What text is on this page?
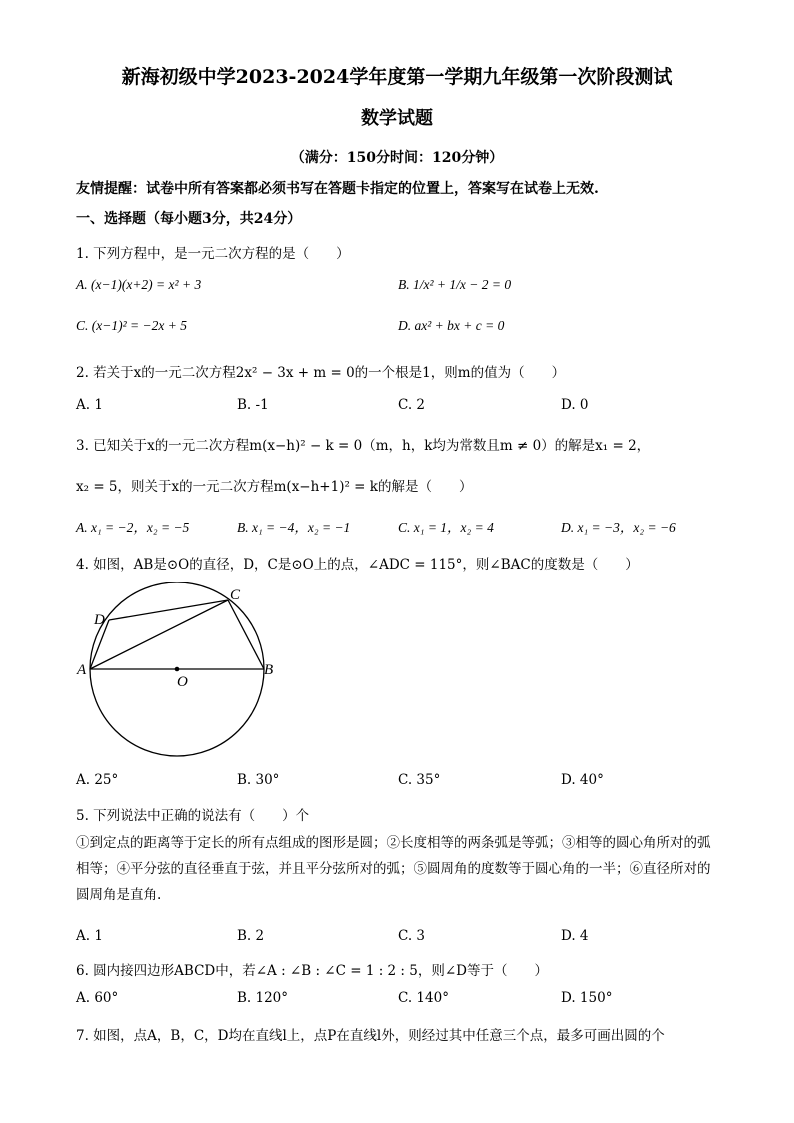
新海初级中学2023-2024学年度第一学期九年级第一次阶段测试
数学试题
（满分：150分时间：120分钟）
友情提醒：试卷中所有答案都必须书写在答题卡指定的位置上，答案写在试卷上无效.
一、选择题（每小题3分，共24分）
1. 下列方程中，是一元二次方程的是（　　）
A. (x−1)(x+2) = x² + 3	B. 1/x² + 1/x − 2 = 0
C. (x−1)² = −2x + 5	D. ax² + bx + c = 0
2. 若关于x的一元二次方程2x² − 3x + m = 0的一个根是1，则m的值为（　　）
A. 1	B. -1	C. 2	D. 0
3. 已知关于x的一元二次方程m(x−h)² − k = 0（m，h，k均为常数且m ≠ 0）的解是x₁ = 2，
x₂ = 5，则关于x的一元二次方程m(x−h+1)² = k的解是（　　）
A. x₁ = −2，x₂ = −5	B. x₁ = −4，x₂ = −1	C. x₁ = 1，x₂ = 4	D. x₁ = −3，x₂ = −6
4. 如图，AB是⊙O的直径，D，C是⊙O上的点，∠ADC = 115°，则∠BAC的度数是（　　）
A	B
C
D
O
A. 25°	B. 30°	C. 35°	D. 40°
5. 下列说法中正确的说法有（　　）个
①到定点的距离等于定长的所有点组成的图形是圆；②长度相等的两条弧是等弧；③相等的圆心角所对的弧相等；④平分弦的直径垂直于弦，并且平分弦所对的弧；⑤圆周角的度数等于圆心角的一半；⑥直径所对的圆周角是直角.
A. 1	B. 2	C. 3	D. 4
6. 圆内接四边形ABCD中，若∠A : ∠B : ∠C = 1 : 2 : 5，则∠D等于（　　）
A. 60°	B. 120°	C. 140°	D. 150°
7. 如图，点A，B，C，D均在直线l上，点P在直线l外，则经过其中任意三个点，最多可画出圆的个
